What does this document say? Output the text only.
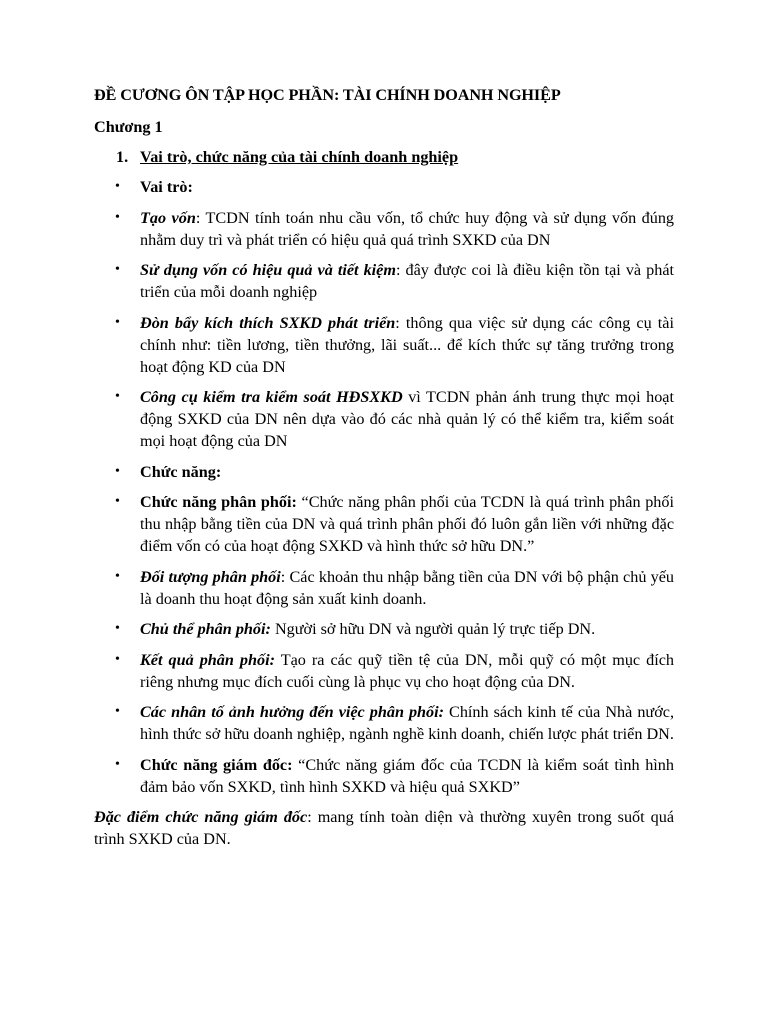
ĐỀ CƯƠNG ÔN TẬP HỌC PHẦN: TÀI CHÍNH DOANH NGHIỆP
Chương 1
1. Vai trò, chức năng của tài chính doanh nghiệp
•	Vai trò:
•	Tạo vốn: TCDN tính toán nhu cầu vốn, tổ chức huy động và sử dụng vốn đúng nhằm duy trì và phát triển có hiệu quả quá trình SXKD của DN
•	Sử dụng vốn có hiệu quả và tiết kiệm: đây được coi là điều kiện tồn tại và phát triển của mỗi doanh nghiệp
•	Đòn bẩy kích thích SXKD phát triển: thông qua việc sử dụng các công cụ tài chính như: tiền lương, tiền thưởng, lãi suất... để kích thức sự tăng trưởng trong hoạt động KD của DN
•	Công cụ kiểm tra kiểm soát HĐSXKD vì TCDN phản ánh trung thực mọi hoạt động SXKD của DN nên dựa vào đó các nhà quản lý có thể kiểm tra, kiểm soát mọi hoạt động của DN
•	Chức năng:
•	Chức năng phân phối: “Chức năng phân phối của TCDN là quá trình phân phối thu nhập bằng tiền của DN và quá trình phân phối đó luôn gắn liền với những đặc điểm vốn có của hoạt động SXKD và hình thức sở hữu DN.”
•	Đối tượng phân phối: Các khoản thu nhập bằng tiền của DN với bộ phận chủ yếu là doanh thu hoạt động sản xuất kinh doanh.
•	Chủ thể phân phối: Người sở hữu DN và người quản lý trực tiếp DN.
•	Kết quả phân phối: Tạo ra các quỹ tiền tệ của DN, mỗi quỹ có một mục đích riêng nhưng mục đích cuối cùng là phục vụ cho hoạt động của DN.
•	Các nhân tố ảnh hưởng đến việc phân phối: Chính sách kinh tế của Nhà nước, hình thức sở hữu doanh nghiệp, ngành nghề kinh doanh, chiến lược phát triển DN.
•	Chức năng giám đốc: “Chức năng giám đốc của TCDN là kiểm soát tình hình đảm bảo vốn SXKD, tình hình SXKD và hiệu quả SXKD”

Đặc điểm chức năng giám đốc: mang tính toàn diện và thường xuyên trong suốt quá trình SXKD của DN.
